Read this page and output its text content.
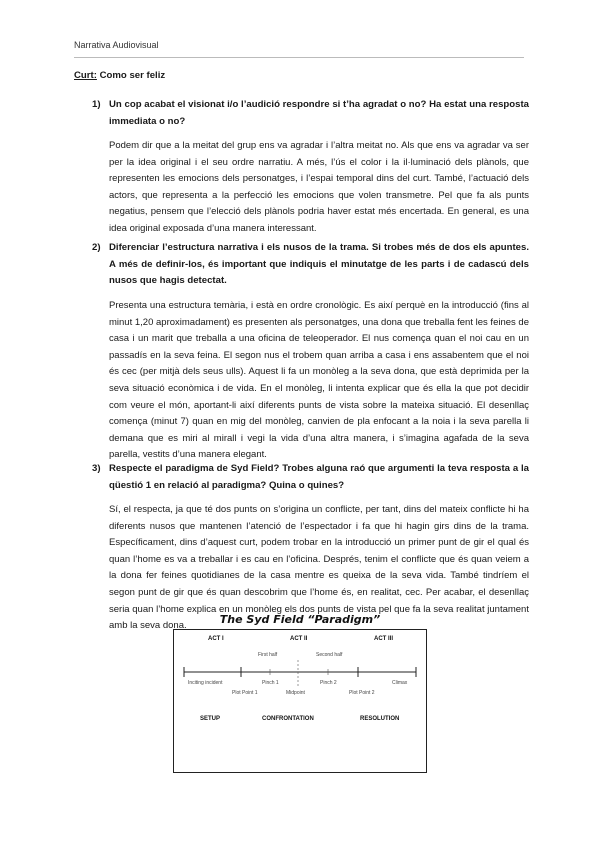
Narrativa Audiovisual
Curt: Como ser feliz
1) Un cop acabat el visionat i/o l’audició respondre si t’ha agradat o no? Ha estat una resposta immediata o no?
Podem dir que a la meitat del grup ens va agradar i l’altra meitat no. Als que ens va agradar va ser per la idea original i el seu ordre narratiu. A més, l’ús el color i la il·luminació dels plànols, que representen les emocions dels personatges, i l’espai temporal dins del curt. També, l’actuació dels actors, que representa a la perfecció les emocions que volen transmetre. Pel que fa als punts negatius, pensem que l’elecció dels plànols podria haver estat més encertada. En general, es una idea original exposada d’una manera interessant.
2) Diferenciar l’estructura narrativa i els nusos de la trama. Si trobes més de dos els apuntes. A més de definir-los, és important que indiquis el minutatge de les parts i de cadascú dels nusos que hagis detectat.
Presenta una estructura temària, i està en ordre cronològic. Es així perquè en la introducció (fins al minut 1,20 aproximadament) es presenten als personatges, una dona que treballa fent les feines de casa i un marit que treballa a una oficina de teleoperador. El nus comença quan el noi cau en un passadís en la seva feina. El segon nus el trobem quan arriba a casa i ens assabentem que el noi és cec (per mitjà dels seus ulls). Aquest li fa un monòleg a la seva dona, que està deprimida per la seva situació econòmica i de vida. En el monòleg, li intenta explicar que és ella la que pot decidir com veure el món, aportant-li així diferents punts de vista sobre la mateixa situació. El desenllaç comença (minut 7) quan en mig del monòleg, canvien de pla enfocant a la noia i la seva parella li demana que es miri al mirall i vegi la vida d’una altra manera, i s’imagina agafada de la seva parella, vestits d’una manera elegant.
3) Respecte el paradigma de Syd Field? Trobes alguna raó que argumenti la teva resposta a la qüestió 1 en relació al paradigma? Quina o quines?
Sí, el respecta, ja que té dos punts on s’origina un conflicte, per tant, dins del mateix conflicte hi ha diferents nusos que mantenen l’atenció de l’espectador i fa que hi hagin girs dins de la trama. Específicament, dins d’aquest curt, podem trobar en la introducció un primer punt de gir el qual és quan l’home es va a treballar i es cau en l’oficina. Després, tenim el conflicte que és quan veiem a la dona fer feines quotidianes de la casa mentre es queixa de la seva vida. També tindríem el segon punt de gir que és quan descobrim que l’home és, en realitat, cec. Per acabar, el desenllaç seria quan l’home explica en un monòleg els dos punts de vista pel que fa la seva realitat juntament amb la seva dona.	The Syd Field “Paradigm”
ACT I	ACT II	ACT III
First half	Second half
Inciting incident
Plot Point 1
Pinch 1
Midpoint
Pinch 2
Plot Point 2
Climax
SETUP	CONFRONTATION	RESOLUTION
